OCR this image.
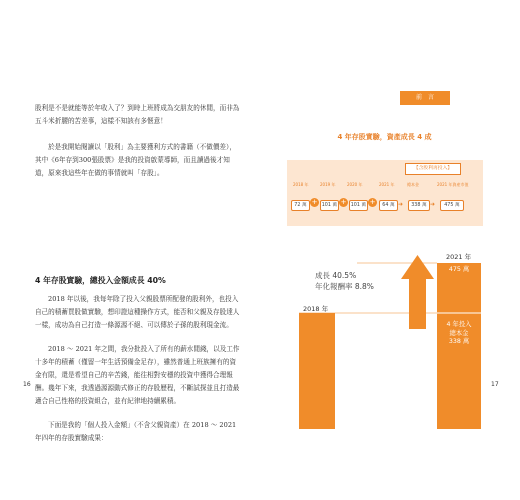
股利是不是就能等於年收入了？到時上班將成為交朋友的休閒，而非為五斗米折腰的苦差事，這樣不知該有多愜意！

於是我開始閱讀以「股利」為主要獲利方式的書籍（不做價差），其中《6年存到300張股票》是我的投資啟蒙導師，而且讀過後才知道，原來我這些年在做的事情就叫「存股」。

4 年存股實驗，總投入金額成長 40%

2018 年以後，我每年除了投入父親股票所配發的股利外，也投入自己的積蓄買股做實驗，想印證這種操作方式，能否和父親及存股達人一樣，成功為自己打造一條源源不絕、可以傳於子孫的股利現金流。

2018 ～ 2021 年之間，我分批投入了所有的薪水閒錢，以及工作十多年的積蓄（僅留一年生活預備金足存），雖然普通上班族擁有的資金有限，還是希望自己的辛苦錢，能往相對安穩的投資中獲得合理報酬。幾年下來，我透過源源動式修正的存股歷程，不斷試探並且打造最適合自己性格的投資組合，並有紀律地持續累積。

下面是我的「個人投入金額」（不含父親資產）在 2018 ～ 2021 年四年的存股實驗成果：

16
前　言
4 年存股實驗，資產成長 4 成
【含股利再投入】
2018 年	2019 年	2020 年	2021 年	總本金	2021 年資產市值
72 萬 + 101 萬 + 101 萬 +	64 萬 ➜	338 萬 ➜	475 萬
2018 年
2021 年
成長 40.5%
年化報酬率 8.8%
475 萬
4 年投入
總本金
338 萬
17
